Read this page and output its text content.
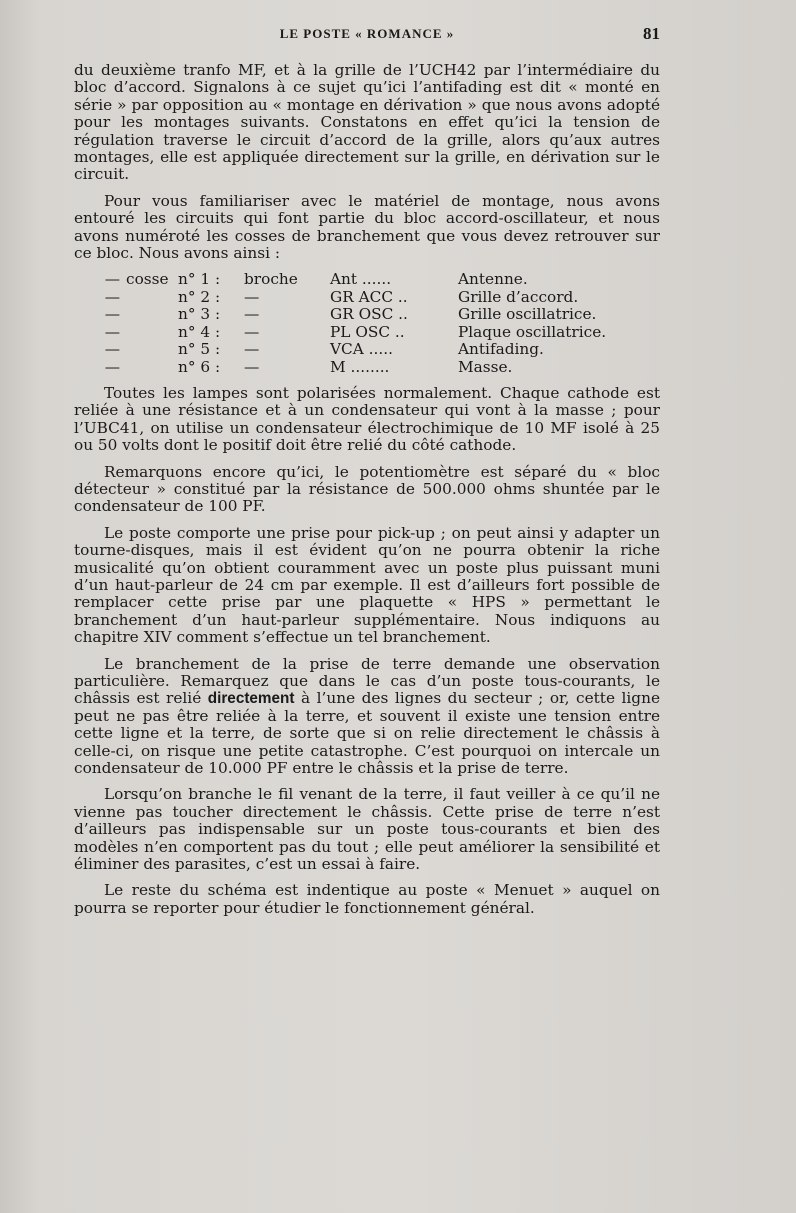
LE POSTE « ROMANCE »	81

du deuxième tranfo MF, et à la grille de l’UCH42 par l’intermédiaire du bloc d’accord. Signalons à ce sujet qu’ici l’antifading est dit « monté en série » par opposition au « montage en dérivation » que nous avons adopté pour les montages suivants. Constatons en effet qu’ici la tension de régulation traverse le circuit d’accord de la grille, alors qu’aux autres montages, elle est appliquée directement sur la grille, en dérivation sur le circuit.

Pour vous familiariser avec le matériel de montage, nous avons entouré les circuits qui font partie du bloc accord-oscillateur, et nous avons numéroté les cosses de branchement que vous devez retrouver sur ce bloc. Nous avons ainsi :

—	cosse	n° 1 :	broche	Ant ......	Antenne.
—		n° 2 :	—	GR ACC ..	Grille d’accord.
—		n° 3 :	—	GR OSC ..	Grille oscillatrice.
—		n° 4 :	—	PL OSC ..	Plaque oscillatrice.
—		n° 5 :	—	VCA .....	Antifading.
—		n° 6 :	—	M ........	Masse.

Toutes les lampes sont polarisées normalement. Chaque cathode est reliée à une résistance et à un condensateur qui vont à la masse ; pour l’UBC41, on utilise un condensateur électrochimique de 10 MF isolé à 25 ou 50 volts dont le positif doit être relié du côté cathode.

Remarquons encore qu’ici, le potentiomètre est séparé du « bloc détecteur » constitué par la résistance de 500.000 ohms shuntée par le condensateur de 100 PF.

Le poste comporte une prise pour pick-up ; on peut ainsi y adapter un tourne-disques, mais il est évident qu’on ne pourra obtenir la riche musicalité qu’on obtient couramment avec un poste plus puissant muni d’un haut-parleur de 24 cm par exemple. Il est d’ailleurs fort possible de remplacer cette prise par une plaquette « HPS » permettant le branchement d’un haut-parleur supplémentaire. Nous indiquons au chapitre XIV comment s’effectue un tel branchement.

Le branchement de la prise de terre demande une observation particulière. Remarquez que dans le cas d’un poste tous-courants, le châssis est relié directement à l’une des lignes du secteur ; or, cette ligne peut ne pas être reliée à la terre, et souvent il existe une tension entre cette ligne et la terre, de sorte que si on relie directement le châssis à celle-ci, on risque une petite catastrophe. C’est pourquoi on intercale un condensateur de 10.000 PF entre le châssis et la prise de terre.

Lorsqu’on branche le fil venant de la terre, il faut veiller à ce qu’il ne vienne pas toucher directement le châssis. Cette prise de terre n’est d’ailleurs pas indispensable sur un poste tous-courants et bien des modèles n’en comportent pas du tout ; elle peut améliorer la sensibilité et éliminer des parasites, c’est un essai à faire.

Le reste du schéma est indentique au poste « Menuet » auquel on pourra se reporter pour étudier le fonctionnement général.
